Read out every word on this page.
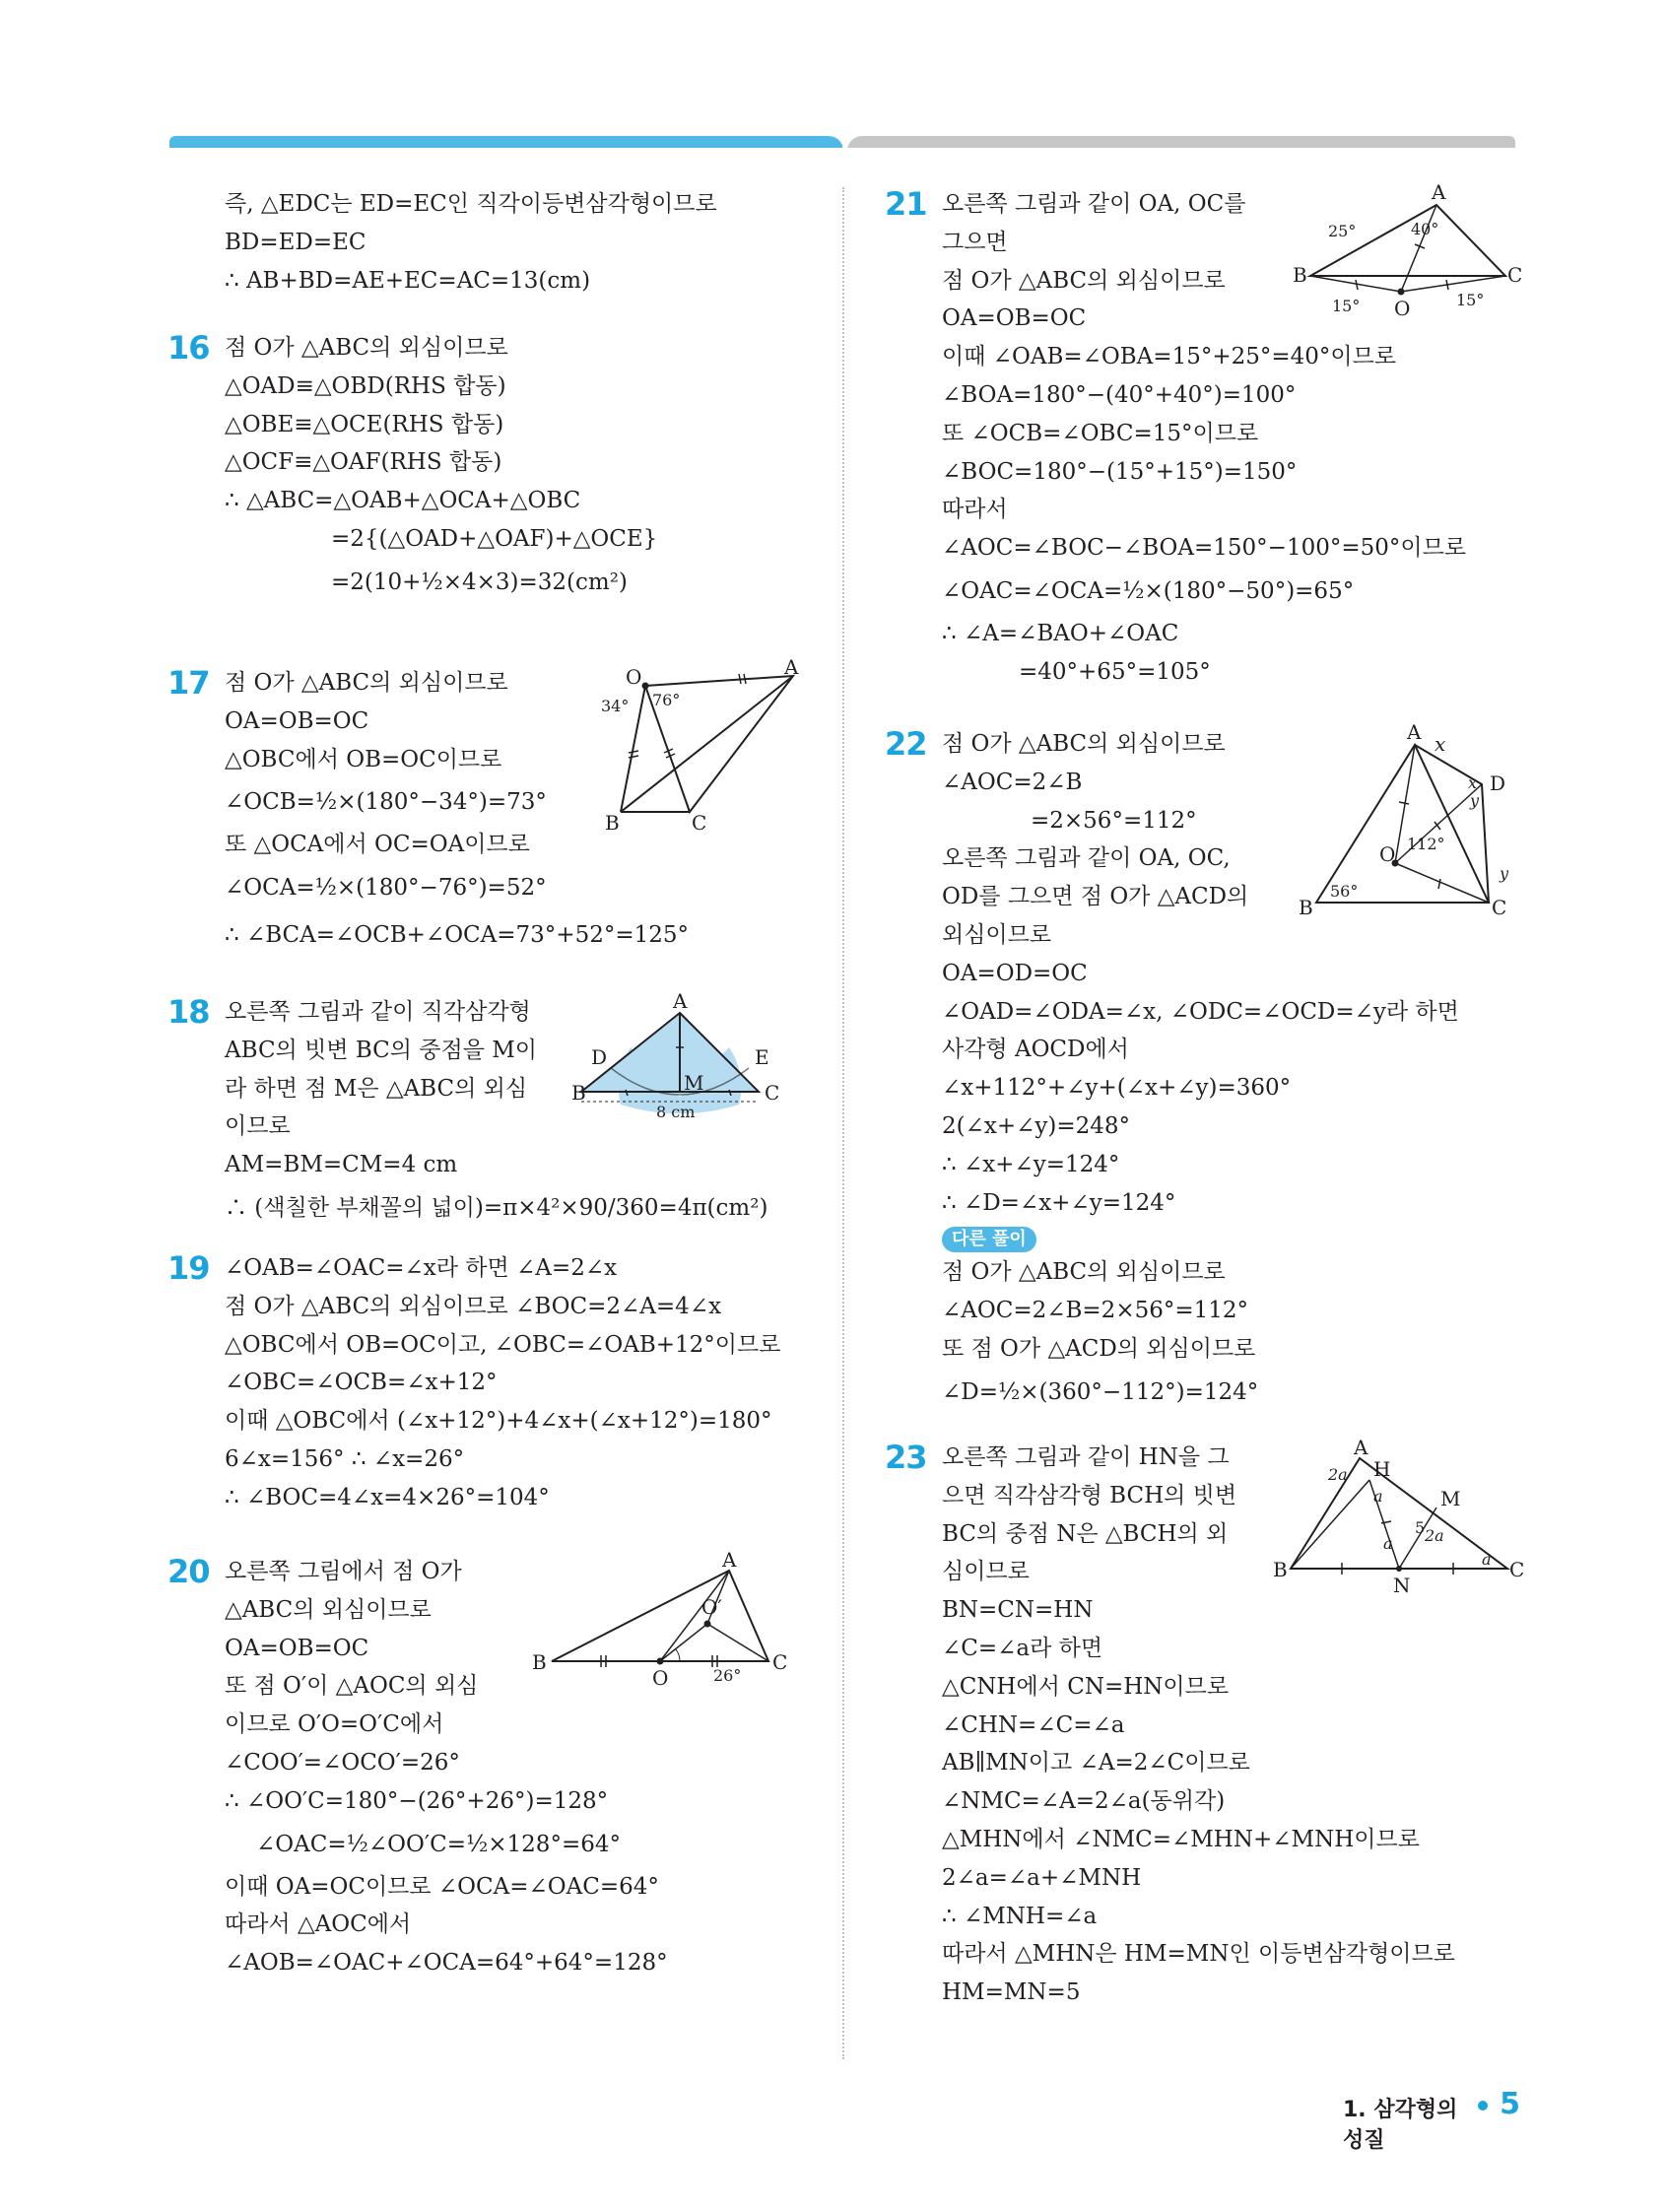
즉, △EDC는 ED=EC인 직각이등변삼각형이므로
BD=ED=EC
∴ AB+BD=AE+EC=AC=13(cm)
16 점 O가 △ABC의 외심이므로
△OAD≡△OBD(RHS 합동)
△OBE≡△OCE(RHS 합동)
△OCF≡△OAF(RHS 합동)
∴ △ABC=△OAB+△OCA+△OBC
=2{(△OAD+△OAF)+△OCE}
=2(10+½×4×3)=32(cm²)
17 점 O가 △ABC의 외심이므로
OA=OB=OC
△OBC에서 OB=OC이므로
∠OCB=½×(180°−34°)=73°
또 △OCA에서 OC=OA이므로
∠OCA=½×(180°−76°)=52°
∴ ∠BCA=∠OCB+∠OCA=73°+52°=125°
O	A
B	C
34° 76°
18 오른쪽 그림과 같이 직각삼각형
ABC의 빗변 BC의 중점을 M이
라 하면 점 M은 △ABC의 외심
이므로
AM=BM=CM=4 cm
∴ (색칠한 부채꼴의 넓이)=π×4²×90/360=4π(cm²)
A
D	E
B	C
M
8 cm
19 ∠OAB=∠OAC=∠x라 하면 ∠A=2∠x
점 O가 △ABC의 외심이므로 ∠BOC=2∠A=4∠x
△OBC에서 OB=OC이고, ∠OBC=∠OAB+12°이므로
∠OBC=∠OCB=∠x+12°
이때 △OBC에서 (∠x+12°)+4∠x+(∠x+12°)=180°
6∠x=156° ∴ ∠x=26°
∴ ∠BOC=4∠x=4×26°=104°
20 오른쪽 그림에서 점 O가
△ABC의 외심이므로
OA=OB=OC
또 점 O′이 △AOC의 외심
이므로 O′O=O′C에서
∠COO′=∠OCO′=26°
∴ ∠OO′C=180°−(26°+26°)=128°
∠OAC=½∠OO′C=½×128°=64°
이때 OA=OC이므로 ∠OCA=∠OAC=64°
따라서 △AOC에서
∠AOB=∠OAC+∠OCA=64°+64°=128°
A
B	C
O
O′
26°
21 오른쪽 그림과 같이 OA, OC를
그으면
점 O가 △ABC의 외심이므로
OA=OB=OC
이때 ∠OAB=∠OBA=15°+25°=40°이므로
∠BOA=180°−(40°+40°)=100°
또 ∠OCB=∠OBC=15°이므로
∠BOC=180°−(15°+15°)=150°
따라서
∠AOC=∠BOC−∠BOA=150°−100°=50°이므로
∠OAC=∠OCA=½×(180°−50°)=65°
∴ ∠A=∠BAO+∠OAC
=40°+65°=105°
A
B	C
O
25°	40°
15°	15°
22 점 O가 △ABC의 외심이므로
∠AOC=2∠B
=2×56°=112°
오른쪽 그림과 같이 OA, OC,
OD를 그으면 점 O가 △ACD의
외심이므로
OA=OD=OC
∠OAD=∠ODA=∠x, ∠ODC=∠OCD=∠y라 하면
사각형 AOCD에서
∠x+112°+∠y+(∠x+∠y)=360°
2(∠x+∠y)=248°
∴ ∠x+∠y=124°
∴ ∠D=∠x+∠y=124°
다른 풀이
점 O가 △ABC의 외심이므로
∠AOC=2∠B=2×56°=112°
또 점 O가 △ACD의 외심이므로
∠D=½×(360°−112°)=124°
A
B	C
D
O
x
x
y
y
112°
56°
23 오른쪽 그림과 같이 HN을 그
으면 직각삼각형 BCH의 빗변
BC의 중점 N은 △BCH의 외
심이므로
BN=CN=HN
∠C=∠a라 하면
△CNH에서 CN=HN이므로
∠CHN=∠C=∠a
AB∥MN이고 ∠A=2∠C이므로
∠NMC=∠A=2∠a(동위각)
△MHN에서 ∠NMC=∠MHN+∠MNH이므로
2∠a=∠a+∠MNH
∴ ∠MNH=∠a
따라서 △MHN은 HM=MN인 이등변삼각형이므로
HM=MN=5
A
H
M
B	C
N
2a
2a
a
a
a
5
1. 삼각형의 성질
5
